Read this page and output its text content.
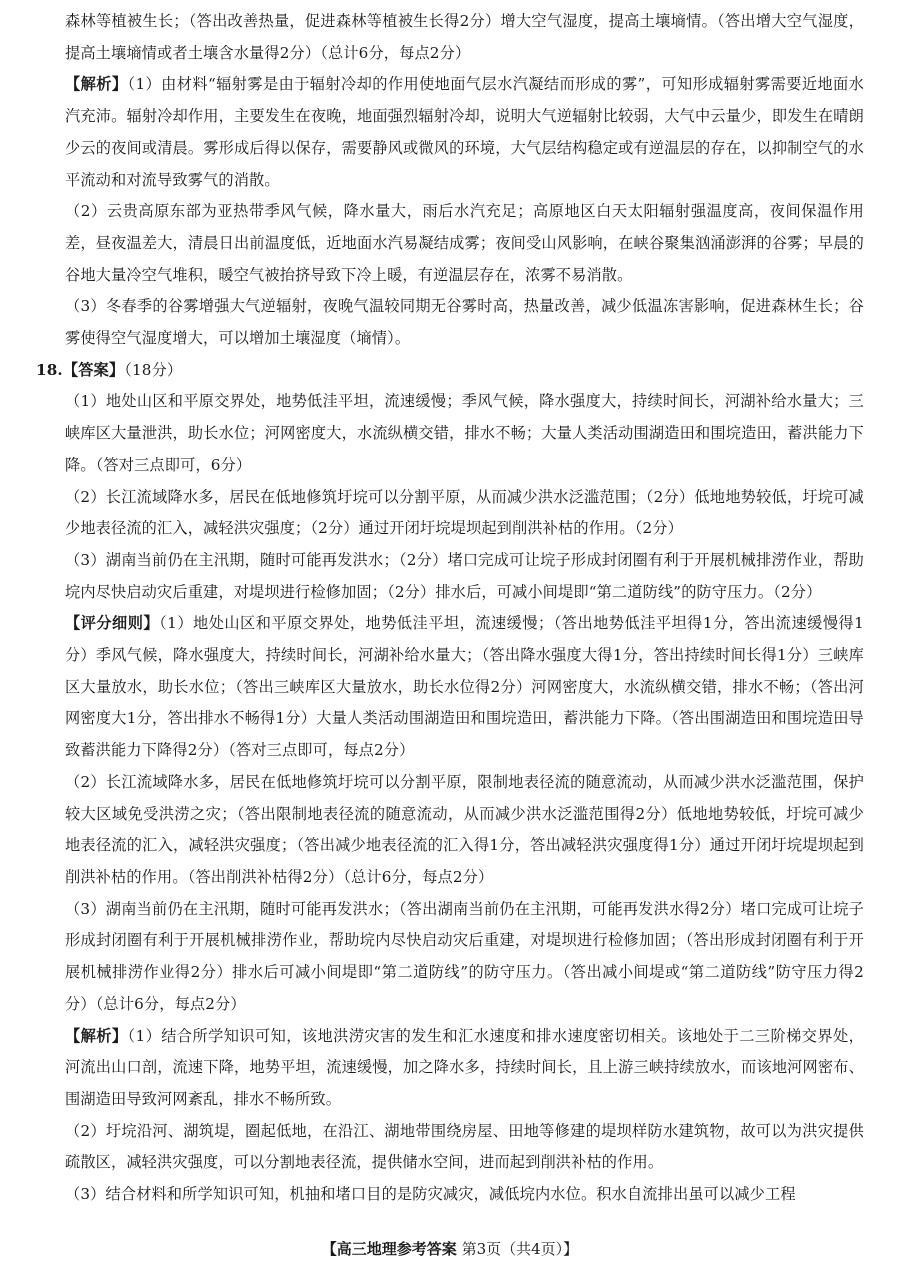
森林等植被生长；（答出改善热量，促进森林等植被生长得2分）增大空气湿度，提高土壤墒情。（答出增大空气湿度，提高土壤墒情或者土壤含水量得2分）（总计6分，每点2分）

【解析】（1）由材料“辐射雾是由于辐射冷却的作用使地面气层水汽凝结而形成的雾”，可知形成辐射雾需要近地面水汽充沛。辐射冷却作用，主要发生在夜晚，地面强烈辐射冷却，说明大气逆辐射比较弱，大气中云量少，即发生在晴朗少云的夜间或清晨。雾形成后得以保存，需要静风或微风的环境，大气层结构稳定或有逆温层的存在，以抑制空气的水平流动和对流导致雾气的消散。

（2）云贵高原东部为亚热带季风气候，降水量大，雨后水汽充足；高原地区白天太阳辐射强温度高，夜间保温作用差，昼夜温差大，清晨日出前温度低，近地面水汽易凝结成雾；夜间受山风影响，在峡谷聚集汹涌澎湃的谷雾；早晨的谷地大量冷空气堆积，暖空气被抬挤导致下冷上暖，有逆温层存在，浓雾不易消散。

（3）冬春季的谷雾增强大气逆辐射，夜晚气温较同期无谷雾时高，热量改善，减少低温冻害影响，促进森林生长；谷雾使得空气湿度增大，可以增加土壤湿度（墒情）。

18.【答案】（18分）

（1）地处山区和平原交界处，地势低洼平坦，流速缓慢；季风气候，降水强度大，持续时间长，河湖补给水量大；三峡库区大量泄洪，助长水位；河网密度大，水流纵横交错，排水不畅；大量人类活动围湖造田和围垸造田，蓄洪能力下降。（答对三点即可，6分）

（2）长江流域降水多，居民在低地修筑圩垸可以分割平原，从而减少洪水泛滥范围；（2分）低地地势较低，圩垸可减少地表径流的汇入，减轻洪灾强度；（2分）通过开闭圩垸堤坝起到削洪补枯的作用。（2分）

（3）湖南当前仍在主汛期，随时可能再发洪水；（2分）堵口完成可让垸子形成封闭圈有利于开展机械排涝作业，帮助垸内尽快启动灾后重建，对堤坝进行检修加固；（2分）排水后，可减小间堤即“第二道防线”的防守压力。（2分）

【评分细则】（1）地处山区和平原交界处，地势低洼平坦，流速缓慢；（答出地势低洼平坦得1分，答出流速缓慢得1分）季风气候，降水强度大，持续时间长，河湖补给水量大；（答出降水强度大得1分，答出持续时间长得1分）三峡库区大量放水，助长水位；（答出三峡库区大量放水，助长水位得2分）河网密度大，水流纵横交错，排水不畅；（答出河网密度大1分，答出排水不畅得1分）大量人类活动围湖造田和围垸造田，蓄洪能力下降。（答出围湖造田和围垸造田导致蓄洪能力下降得2分）（答对三点即可，每点2分）

（2）长江流域降水多，居民在低地修筑圩垸可以分割平原，限制地表径流的随意流动，从而减少洪水泛滥范围，保护较大区域免受洪涝之灾；（答出限制地表径流的随意流动，从而减少洪水泛滥范围得2分）低地地势较低，圩垸可减少地表径流的汇入，减轻洪灾强度；（答出减少地表径流的汇入得1分，答出减轻洪灾强度得1分）通过开闭圩垸堤坝起到削洪补枯的作用。（答出削洪补枯得2分）（总计6分，每点2分）

（3）湖南当前仍在主汛期，随时可能再发洪水；（答出湖南当前仍在主汛期，可能再发洪水得2分）堵口完成可让垸子形成封闭圈有利于开展机械排涝作业，帮助垸内尽快启动灾后重建，对堤坝进行检修加固；（答出形成封闭圈有利于开展机械排涝作业得2分）排水后可减小间堤即“第二道防线”的防守压力。（答出减小间堤或“第二道防线”防守压力得2分）（总计6分，每点2分）

【解析】（1）结合所学知识可知，该地洪涝灾害的发生和汇水速度和排水速度密切相关。该地处于二三阶梯交界处，河流出山口剖，流速下降，地势平坦，流速缓慢，加之降水多，持续时间长，且上游三峡持续放水，而该地河网密布、围湖造田导致河网紊乱，排水不畅所致。

（2）圩垸沿河、湖筑堤，圈起低地，在沿江、湖地带围绕房屋、田地等修建的堤坝样防水建筑物，故可以为洪灾提供疏散区，减轻洪灾强度，可以分割地表径流，提供储水空间，进而起到削洪补枯的作用。

（3）结合材料和所学知识可知，机抽和堵口目的是防灾减灾，减低垸内水位。积水自流排出虽可以减少工程

【高三地理参考答案 第3页（共4页）】
